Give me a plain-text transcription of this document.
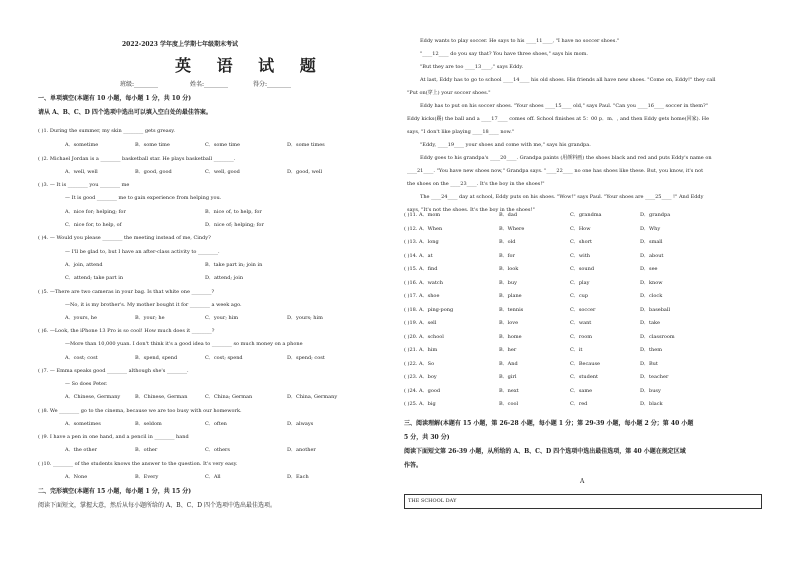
2022-2023 学年度上学期七年级期末考试
英 语 试 题
班级:________	姓名:________	得分:________
一、单项填空(本题有 10 小题，每小题 1 分，共 10 分)
请从 A、B、C、D 四个选项中选出可以填入空白处的最佳答案。
( )1. During the summer, my skin ________ gets greasy.
A．sometime	B．some time	C．some time	D．some times
( )2. Michael Jordan is a ________ basketball star. He plays basketball ________.
A．well, well	B．good, good	C．well, good	D．good, well
( )3. — It is ________ you ________ me
— It is good ________ me to gain experience from helping you.
A．nice for; helping; for	B．nice of, to help, for
C．nice for, to help, of	D．nice of; helping; for
( )4. — Would you please ________ the meeting instead of me, Cindy?
— I'll be glad to, but I have an after-class activity to ________.
A．join, attend	B．take part in; join in
C．attend; take part in	D．attend; join
( )5. —There are two cameras in your bag. Is that white one ________?
—No, it is my brother's. My mother bought it for ________ a week ago.
A．yours, he	B．your; he	C．your; him	D．yours; him
( )6. —Look, the iPhone 13 Pro is so cool! How much does it ________?
—More than 10,000 yuan. I don't think it's a good idea to ________ so much money on a phone
A．cost; cost	B．spend, spend	C．cost; spend	D．spend; cost
( )7. — Emma speaks good ________ although she's ________.
— So does Peter.
A．Chinese, Germany	B．Chinese, German	C．China; German	D．China, Germany
( )8. We ________ go to the cinema, because we are too busy with our homework.
A．sometimes	B．seldom	C．often	D．always
( )9. I have a pen in one hand, and a pencil in ________ hand
A．the other	B．other	C．others	D．another
( )10. ________ of the students knows the answer to the question. It's very easy.
A．None	B．Every	C．All	D．Each
二、完形填空(本题有 15 小题，每小题 1 分，共 15 分)
阅读下面短文，掌握大意，然后从每小题所给的 A、B、C、D 四个选项中选出最佳选项。
Eddy wants to play soccer. He says to his ____11____, "I have no soccer shoes."
"____12____ do you say that? You have three shoes," says his mom.
"But they are too ____13____," says Eddy.
At last, Eddy has to go to school ____14____ his old shoes. His friends all have new shoes. "Come on, Eddy!" they call
"Put on(穿上) your soccer shoes."
Eddy has to put on his soccer shoes. "Your shoes ____15____ old," says Paul. "Can you ____16____ soccer in them?"
Eddy kicks(踢) the ball and a ____17____ comes off. School finishes at 5：00 p．m．, and then Eddy gets home(回家). He
says, "I don't like playing ____18____ now."
"Eddy, ____19____ your shoes and come with me," says his grandpa.
Eddy goes to his grandpa's ____20____. Grandpa paints (用颜料画) the shoes black and red and puts Eddy's name on
____21____. "You have new shoes now," Grandpa says. "____22____ no one has shoes like these. But, you know, it's not
the shoes on the ____23____. It's the boy in the shoes!"
The ____24____ day at school, Eddy puts on his shoes. "Wow!" says Paul. "Your shoes are ____25____ !" And Eddy
says, "It's not the shoes. It's the boy in the shoes!"
( )11. A．mom	B．dad	C．grandma	D．grandpa
( )12. A．When	B．Where	C．How	D．Why
( )13. A．long	B．old	C．short	D．small
( )14. A．at	B．for	C．with	D．about
( )15. A．find	B．look	C．sound	D．see
( )16. A．watch	B．buy	C．play	D．know
( )17. A．shoe	B．plane	C．cup	D．clock
( )18. A．ping-pong	B．tennis	C．soccer	D．baseball
( )19. A．sell	B．love	C．want	D．take
( )20. A．school	B．home	C．room	D．classroom
( )21. A．him	B．her	C．it	D．them
( )22. A．So	B．And	C．Because	D．But
( )23. A．boy	B．girl	C．student	D．teacher
( )24. A．good	B．next	C．same	D．busy
( )25. A．big	B．cool	C．red	D．black
三、阅读理解(本题有 15 小题，第 26-28 小题，每小题 1 分；第 29-39 小题，每小题 2 分；第 40 小题
5 分，共 30 分)
阅读下面短文第 26-39 小题，从所给的 A、B、C、D 四个选项中选出最佳选项，第 40 小题在规定区域
作答。
A
THE SCHOOL DAY
